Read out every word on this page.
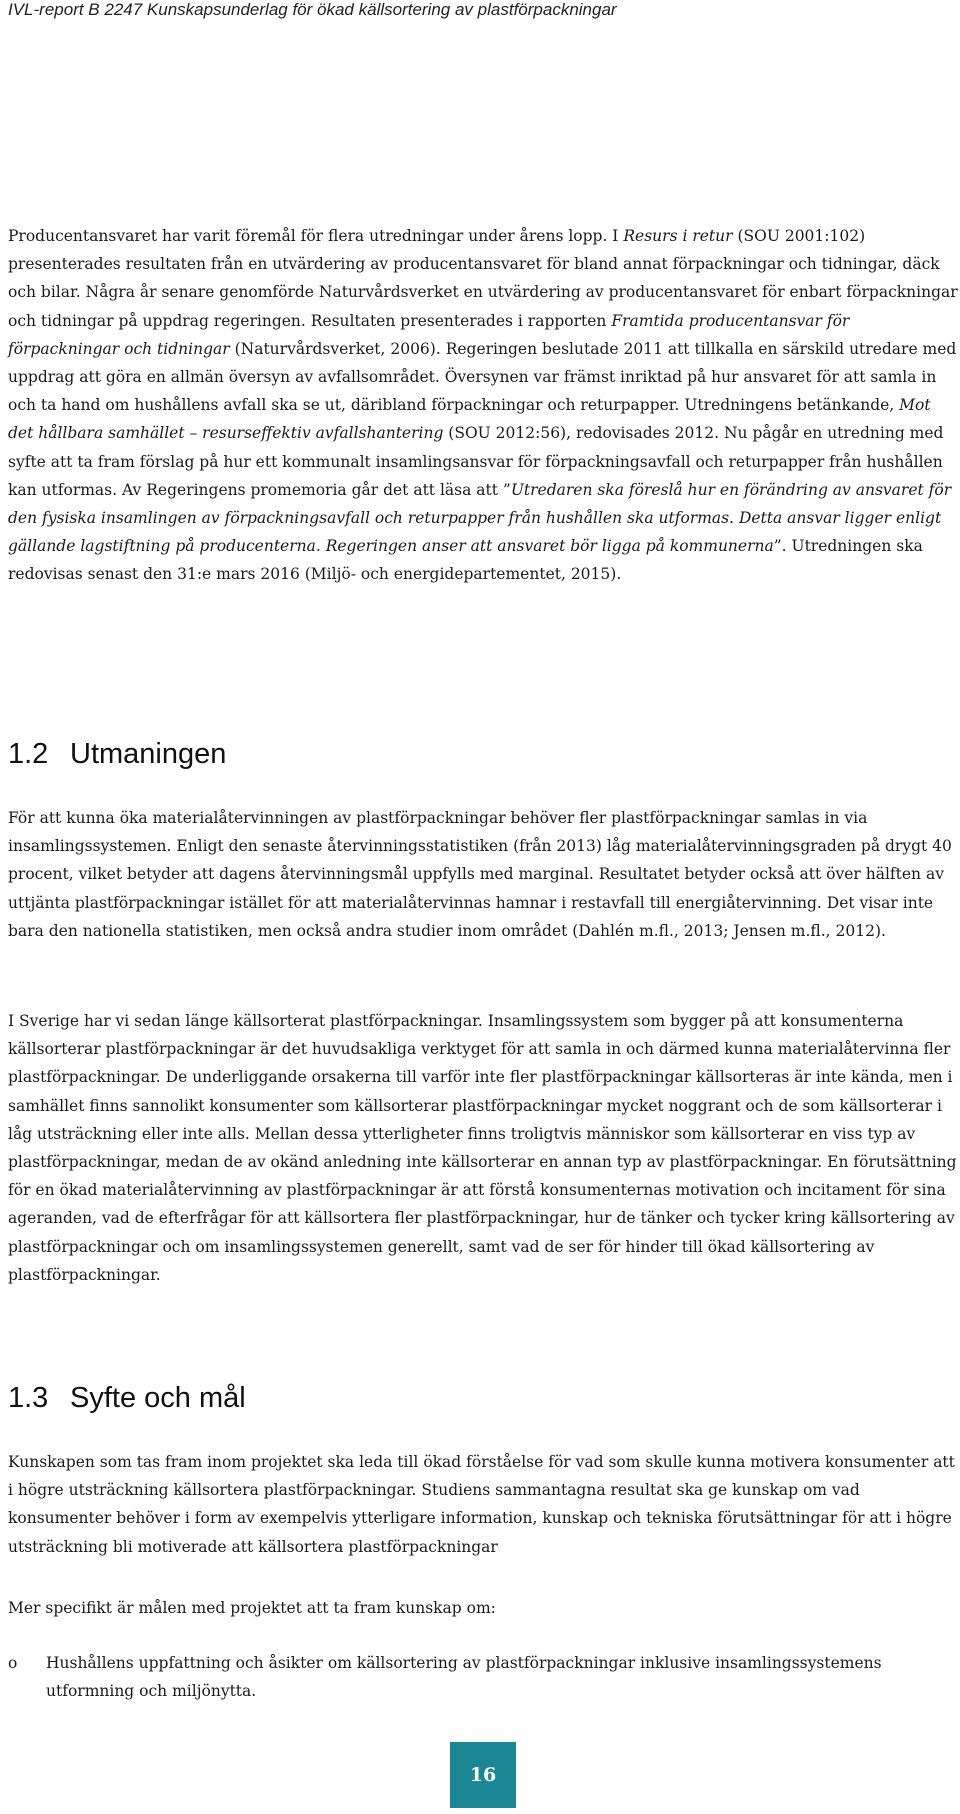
IVL-report B 2247 Kunskapsunderlag för ökad källsortering av plastförpackningar

Producentansvaret har varit föremål för flera utredningar under årens lopp. I Resurs i retur (SOU 2001:102) presenterades resultaten från en utvärdering av producentansvaret för bland annat förpackningar och tidningar, däck och bilar. Några år senare genomförde Naturvårdsverket en utvärdering av producentansvaret för enbart förpackningar och tidningar på uppdrag regeringen. Resultaten presenterades i rapporten Framtida producentansvar för förpackningar och tidningar (Naturvårdsverket, 2006). Regeringen beslutade 2011 att tillkalla en särskild utredare med uppdrag att göra en allmän översyn av avfallsområdet. Översynen var främst inriktad på hur ansvaret för att samla in och ta hand om hushållens avfall ska se ut, däribland förpackningar och returpapper. Utredningens betänkande, Mot det hållbara samhället – resurseffektiv avfallshantering (SOU 2012:56), redovisades 2012. Nu pågår en utredning med syfte att ta fram förslag på hur ett kommunalt insamlingsansvar för förpackningsavfall och returpapper från hushållen kan utformas. Av Regeringens promemoria går det att läsa att ”Utredaren ska föreslå hur en förändring av ansvaret för den fysiska insamlingen av förpackningsavfall och returpapper från hushållen ska utformas. Detta ansvar ligger enligt gällande lagstiftning på producenterna. Regeringen anser att ansvaret bör ligga på kommunerna”. Utredningen ska redovisas senast den 31:e mars 2016 (Miljö- och energidepartementet, 2015).

1.2 Utmaningen

För att kunna öka materialåtervinningen av plastförpackningar behöver fler plastförpackningar samlas in via insamlingssystemen. Enligt den senaste återvinningsstatistiken (från 2013) låg materialåtervinningsgraden på drygt 40 procent, vilket betyder att dagens återvinningsmål uppfylls med marginal. Resultatet betyder också att över hälften av uttjänta plastförpackningar istället för att materialåtervinnas hamnar i restavfall till energiåtervinning. Det visar inte bara den nationella statistiken, men också andra studier inom området (Dahlén m.fl., 2013; Jensen m.fl., 2012).

I Sverige har vi sedan länge källsorterat plastförpackningar. Insamlingssystem som bygger på att konsumenterna källsorterar plastförpackningar är det huvudsakliga verktyget för att samla in och därmed kunna materialåtervinna fler plastförpackningar. De underliggande orsakerna till varför inte fler plastförpackningar källsorteras är inte kända, men i samhället finns sannolikt konsumenter som källsorterar plastförpackningar mycket noggrant och de som källsorterar i låg utsträckning eller inte alls. Mellan dessa ytterligheter finns troligtvis människor som källsorterar en viss typ av plastförpackningar, medan de av okänd anledning inte källsorterar en annan typ av plastförpackningar. En förutsättning för en ökad materialåtervinning av plastförpackningar är att förstå konsumenternas motivation och incitament för sina ageranden, vad de efterfrågar för att källsortera fler plastförpackningar, hur de tänker och tycker kring källsortering av plastförpackningar och om insamlingssystemen generellt, samt vad de ser för hinder till ökad källsortering av plastförpackningar.

1.3 Syfte och mål

Kunskapen som tas fram inom projektet ska leda till ökad förståelse för vad som skulle kunna motivera konsumenter att i högre utsträckning källsortera plastförpackningar. Studiens sammantagna resultat ska ge kunskap om vad konsumenter behöver i form av exempelvis ytterligare information, kunskap och tekniska förutsättningar för att i högre utsträckning bli motiverade att källsortera plastförpackningar

Mer specifikt är målen med projektet att ta fram kunskap om:

o	Hushållens uppfattning och åsikter om källsortering av plastförpackningar inklusive insamlingssystemens utformning och miljönytta.
16
